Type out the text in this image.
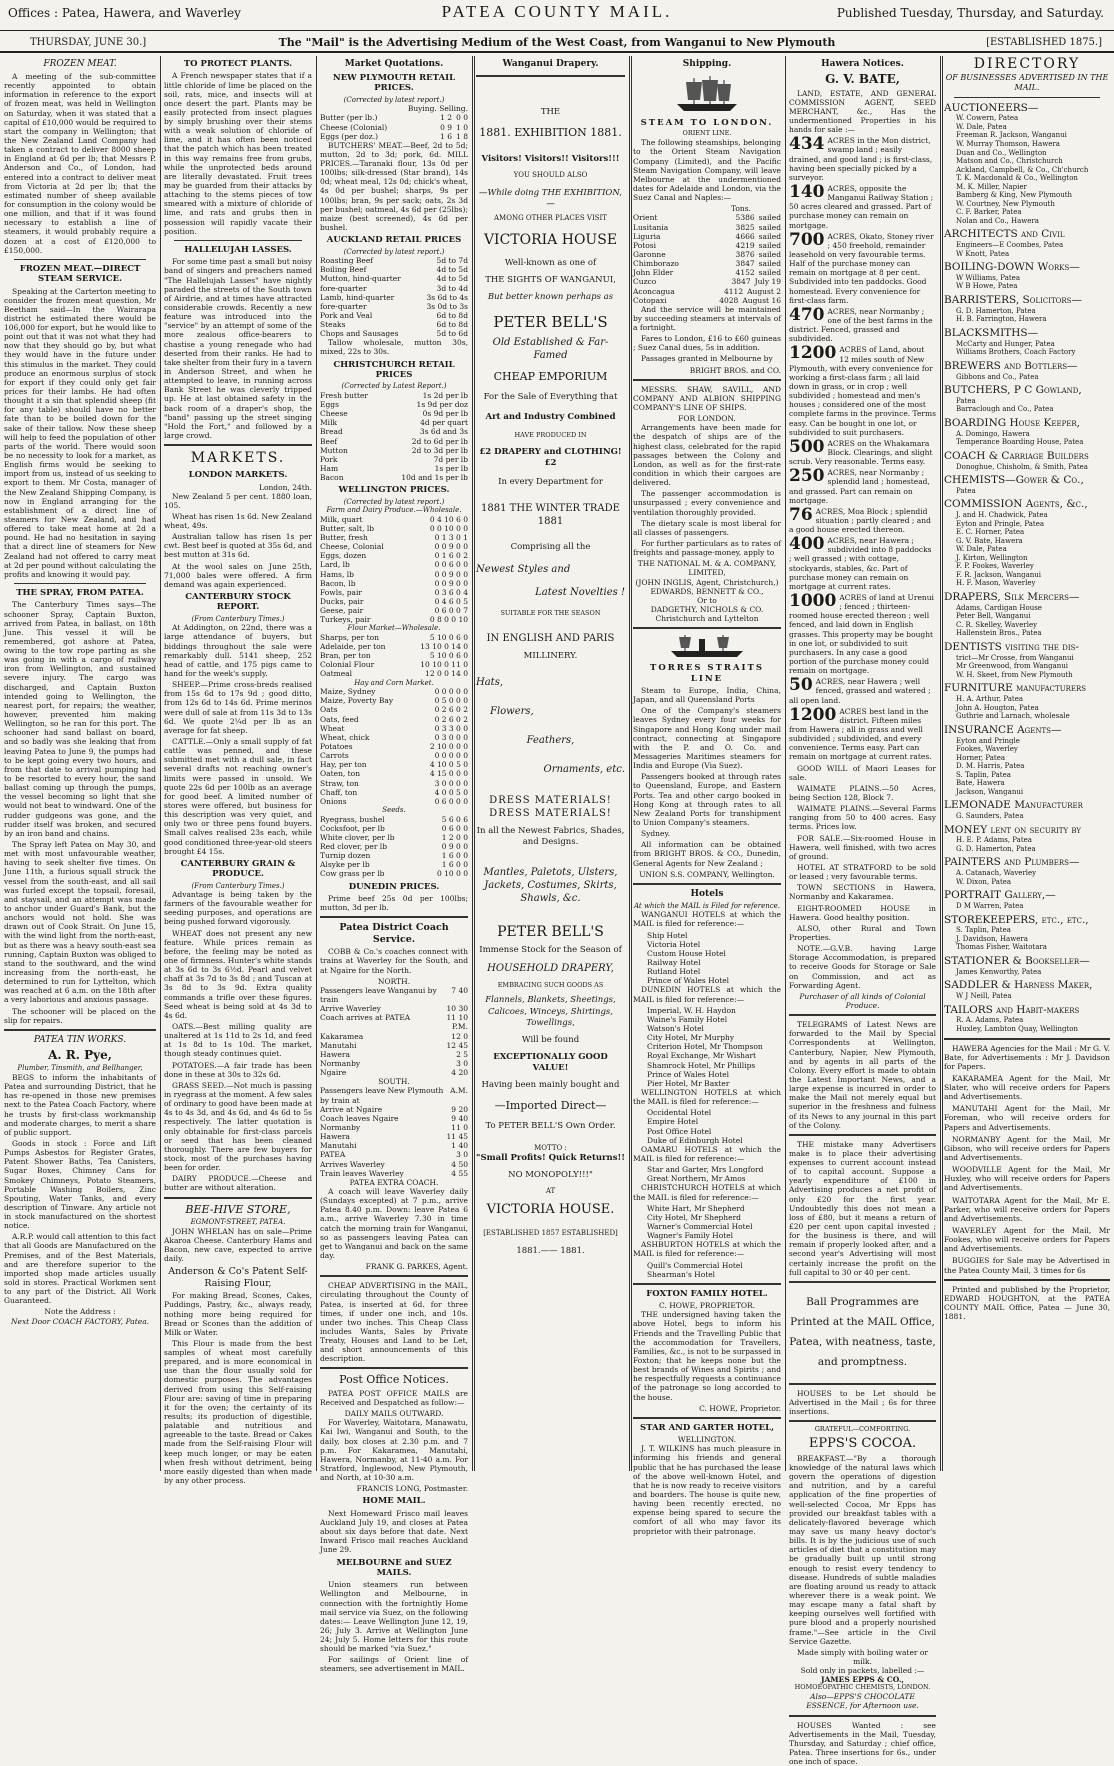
Offices : Patea, Hawera, and Waverley	PATEA COUNTY MAIL.	Published Tuesday, Thursday, and Saturday.
THURSDAY, JUNE 30.]	The "Mail" is the Advertising Medium of the West Coast, from Wanganui to New Plymouth	[ESTABLISHED 1875.]
FROZEN MEAT.
A meeting of the sub-committee recently appointed to obtain information in reference to the export of frozen meat, was held in Wellington on Saturday, when it was stated that a capital of £10,000 would be required to start the company in Wellington; that the New Zealand Land Company had taken a contract to deliver 8000 sheep in England at 6d per lb; that Messrs P. Anderson and Co., of London, had entered into a contract to deliver meat from Victoria at 2d per lb; that the estimated number of sheep available for consumption in the colony would be one million, and that if it was found necessary to establish a line of steamers, it would probably require a dozen at a cost of £120,000 to £150,000.
FROZEN MEAT.—DIRECT STEAM SERVICE.
Speaking at the Carterton meeting to consider the frozen meat question, Mr Beetham said—In the Wairarapa district he estimated there would be 106,000 for export, but he would like to point out that it was not what they had now that they should go by, but what they would have in the future under this stimulus in the market. They could produce an enormous surplus of stock for export if they could only get fair prices for their lambs. He had often thought it a sin that splendid sheep (fit for any table) should have no better fate than to be boiled down for the sake of their tallow. Now these sheep will help to feed the population of other parts of the world. There would soon be no necessity to look for a market, as English firms would be seeking to import from us, instead of us seeking to export to them. Mr Costa, manager of the New Zealand Shipping Company, is now in England arranging for the establishment of a direct line of steamers for New Zealand, and had offered to take meat home at 2d a pound. He had no hesitation in saying that a direct line of steamers for New Zealand had not offered to carry meat at 2d per pound without calculating the profits and knowing it would pay.
THE SPRAY, FROM PATEA.
The Canterbury Times says—The schooner Spray, Captain Buxton, arrived from Patea, in ballast, on 18th June. This vessel it will be remembered, got ashore at Patea, owing to the tow rope parting as she was going in with a cargo of railway iron from Wellington, and sustained severe injury. The cargo was discharged, and Captain Buxton intended going to Wellington, the nearest port, for repairs; the weather, however, prevented him making Wellington, so he ran for this port. The schooner had sand ballast on board, and so badly was she leaking that from leaving Patea to June 9, the pumps had to be kept going every two hours, and from that date to arrival pumping had to be resorted to every hour, the sand ballast coming up through the pumps, the vessel becoming so light that she would not beat to windward. One of the rudder gudgeons was gone, and the rudder itself was broken, and secured by an iron band and chains.
The Spray left Patea on May 30, and met with most unfavourable weather, having to seek shelter five times. On June 11th, a furious squall struck the vessel from the south-east, and all sail was furled except the topsail, foresail, and staysail, and an attempt was made to anchor under Guard's Bank, but the anchors would not hold. She was drawn out of Cook Strait. On June 15, with the wind light from the north-east, but as there was a heavy south-east sea running, Captain Buxton was obliged to stand to the southward, and the wind increasing from the north-east, he determined to run for Lyttelton, which was reached at 6 a.m. on the 18th after a very laborious and anxious passage.
The schooner will be placed on the slip for repairs.
PATEA TIN WORKS.
A. R. Pye,
Plumber, Tinsmith, and Bellhanger,
BEGS to inform the inhabitants of Patea and surrounding District, that he has re-opened in those new premises next to the Patea Coach Factory, where he trusts by first-class workmanship and moderate charges, to merit a share of public support.
Goods in stock : Force and Lift Pumps Asbestos for Register Grates, Patent Shower Baths, Tea Canisters, Sugar Boxes, Chimney Cans for Smokey Chimneys, Potato Steamers, Portable Washing Boilers, Zinc Spouting, Water Tanks, and every description of Tinware. Any article not in stock manufactured on the shortest notice.
A.R.P. would call attention to this fact that all Goods are Manufactured on the Premises, and of the Best Materials, and are therefore superior to the imported shop made articles usually sold in stores. Practical Workmen sent to any part of the District. All Work Guaranteed.
Note the Address :
Next Door COACH FACTORY, Patea.
TO PROTECT PLANTS.
A French newspaper states that if a little chloride of lime be placed on the soil, rats, mice, and insects will at once desert the part. Plants may be easily protected from insect plagues by simply brushing over their stems with a weak solution of chloride of lime, and it has often been noticed that the patch which has been treated in this way remains free from grubs, while the unprotected beds around are literally devastated. Fruit trees may be guarded from their attacks by attaching to the stems pieces of tow smeared with a mixture of chloride of lime, and rats and grubs then in possession will rapidly vacate their position.
HALLELUJAH LASSES.
For some time past a small but noisy band of singers and preachers named "The Hallelujah Lasses" have nightly paraded the streets of the South town of Airdrie, and at times have attracted considerable crowds. Recently a new feature was introduced into the "service" by an attempt of some of the more zealous office-bearers to chastise a young renegade who had deserted from their ranks. He had to take shelter from their fury in a tavern in Anderson Street, and when he attempted to leave, in running across Bank Street he was cleverly tripped up. He at last obtained safety in the back room of a draper's shop, the "band" passing up the street singing "Hold the Fort," and followed by a large crowd.
MARKETS.
LONDON MARKETS.
London, 24th.
New Zealand 5 per cent. 1880 loan, 105.
Wheat has risen 1s 6d. New Zealand wheat, 49s.
Australian tallow has risen 1s per cwt. Best beef is quoted at 35s 6d, and best mutton at 31s 6d.
At the wool sales on June 25th, 71,000 bales were offered. A firm demand was again experienced.
CANTERBURY STOCK REPORT.
(From Canterbury Times.)
At Addington, on 22nd, there was a large attendance of buyers, but biddings throughout the sale were remarkably dull. 5141 sheep, 252 head of cattle, and 175 pigs came to hand for the week's supply.
SHEEP.—Prime cross-breds realised from 15s 6d to 17s 9d ; good ditto, from 12s 6d to 14s 6d. Prime merinos were dull of sale at from 11s 3d to 13s 6d. We quote 2¼d per lb as an average for fat sheep.
CATTLE.—Only a small supply of fat cattle was penned, and these submitted met with a dull sale, in fact several drafts not reaching owner's limits were passed in unsold. We quote 22s 6d per 100lb as an average for good beef. A limited number of stores were offered, but business for this description was very quiet, and only two or three pens found buyers. Small calves realised 23s each, while good conditioned three-year-old steers brought £4 15s.
CANTERBURY GRAIN & PRODUCE.
(From Canterbury Times.)
Advantage is being taken by the farmers of the favourable weather for seeding purposes, and operations are being pushed forward vigorously.
WHEAT does not present any new feature. While prices remain as before, the feeling may be noted as one of firmness. Hunter's white stands at 3s 6d to 3s 6½d. Pearl and velvet chaff at 3s 7d to 3s 8d ; and Tuscan at 3s 8d to 3s 9d. Extra quality commands a trifle over these figures. Seed wheat is being sold at 4s 3d to 4s 6d.
OATS.—Best milling quality are unaltered at 1s 11d to 2s 1d, and feed at 1s 8d to 1s 10d. The market, though steady continues quiet.
POTATOES.—A fair trade has been done in these at 30s to 32s 6d.
GRASS SEED.—Not much is passing in ryegrass at the moment. A few sales of ordinary to good have been made at 4s to 4s 3d, and 4s 6d, and 4s 6d to 5s respectively. The latter quotation is only obtainable for first-class parcels or seed that has been cleaned thoroughly. There are few buyers for stock, most of the purchases having been for order.
DAIRY PRODUCE.—Cheese and butter are without alteration.
BEE-HIVE STORE,
EGMONT-STREET, PATEA.
JOHN WHELAN has on sale—Prime Akaroa Cheese. Canterbury Hams and Bacon, new cave, expected to arrive daily.
Anderson & Co's Patent Self-Raising Flour,
For making Bread, Scones, Cakes, Puddings, Pastry, &c., always ready, nothing more being required for Bread or Scones than the addition of Milk or Water.
This Flour is made from the best samples of wheat most carefully prepared, and is more economical in use than the flour usually sold for domestic purposes. The advantages derived from using this Self-raising Flour are: saving of time in preparing it for the oven; the certainty of its results; its production of digestible, palatable and nutritious and agreeable to the taste. Bread or Cakes made from the Self-raising Flour will keep much longer, or may be eaten when fresh without detriment, being more easily digested than when made by any other process.
Market Quotations.
NEW PLYMOUTH RETAIL PRICES.
(Corrected by latest report.)
Buying. Selling.
Butter (per lb.)	1 2 0 0
Cheese (Colonial)	0 9 1 0
Eggs (per doz.)	1 6 1 8
BUTCHERS' MEAT.—Beef, 2d to 5d; mutton, 2d to 3d; pork, 6d. MILL PRICES.—Taranaki flour, 13s 0d per 100lbs; silk-dressed (Star brand), 14s 0d; wheat meal, 12s 0d; chick's wheat, 4s 0d per bushel; sharps, 9s per 100lbs; bran, 9s per sack; oats, 2s 3d per bushel; oatmeal, 4s 6d per (25lbs); maize (best screened), 4s 6d per bushel.
AUCKLAND RETAIL PRICES
(Corrected by latest report.)
Roasting Beef	5d to 7d
Boiling Beef	4d to 5d
Mutton, hind-quarter	4d to 5d
fore-quarter	3d to 4d
Lamb, hind-quarter	3s 6d to 4s
fore-quarter	3s 0d to 3s
Pork and Veal	6d to 8d
Steaks	6d to 8d
Chops and Sausages	5d to 6d
Tallow wholesale, mutton 30s, mixed, 22s to 30s.
CHRISTCHURCH RETAIL PRICES
(Corrected by Latest Report.)
Fresh butter	1s 2d per lb
Eggs	1s 9d per doz
Cheese	0s 9d per lb
Milk	4d per quart
Bread	3s 6d and 3s
Beef	2d to 6d per lb
Mutton	2d to 3d per lb
Pork	7d per lb
Ham	1s per lb
Bacon	10d and 1s per lb
WELLINGTON PRICES.
(Corrected by latest report.)
Farm and Dairy Produce.—Wholesale.
Milk, quart	0 4 10 6 0
Butter, salt, lb	0 0 10 0 0
Butter, fresh	0 1 3 0 1
Cheese, Colonial	0 0 9 0 0
Eggs, dozen	0 1 6 0 2
Lard, lb	0 0 6 0 0
Hams, lb	0 0 9 0 0
Bacon, lb	0 0 9 0 0
Fowls, pair	0 3 6 0 4
Ducks, pair	0 4 6 0 5
Geese, pair	0 6 0 0 7
Turkeys, pair	0 8 0 0 10
Flour Market—Wholesale.
Sharps, per ton	5 10 0 6 0
Adelaide, per ton	13 10 0 14 0
Bran, per ton	5 10 0 6 0
Colonial Flour	10 10 0 11 0
Oatmeal	12 0 0 14 0
Hay and Corn Market.
Maize, Sydney	0 0 0 0 0
Maize, Poverty Bay	0 5 0 0 0
Oats	0 2 6 0 2
Oats, feed	0 2 6 0 2
Wheat	0 3 3 0 0
Wheat, chick	0 3 0 0 0
Potatoes	2 10 0 0 0
Carrots	0 0 0 0 0
Hay, per ton	4 10 0 5 0
Oaten, ton	4 15 0 0 0
Straw, ton	3 0 0 0 0
Chaff, ton	4 0 0 5 0
Onions	0 6 0 0 0
Seeds.
Ryegrass, bushel	5 6 0 6
Cocksfoot, per lb	0 6 0 0
White clover, per lb	1 2 0 0
Red clover, per lb	0 9 0 0
Turnip dozen	1 6 0 0
Alsyke per lb	1 6 0 0
Cow grass per lb	0 10 0 0
DUNEDIN PRICES.
Prime beef 25s 0d per 100lbs; mutton, 3d per lb.
Patea District Coach Service.
COBB & Co.'s coaches connect with trains at Waverley for the South, and at Ngaire for the North.
NORTH.
Passengers leave Wanganui by train
7 40
Arrive Waverley	10 30
Coach arrives at PATEA	11 10
P.M.
Kakaramea	12 0
Manutahi	12 45
Hawera	2 5
Normanby	3 0
Ngaire	4 20
SOUTH.
Passengers leave New Plymouth by train at
A.M.
Arrive at Ngaire	9 20
Coach leaves Ngaire	9 40
Normanby	11 0
Hawera	11 45
Manutahi	1 40
PATEA	3 0
Arrives Waverley	4 50
Train leaves Waverley	4 55
PATEA EXTRA COACH.
A coach will leave Waverley daily (Sundays excepted) at 7 p.m., arrive Patea 8.40 p.m. Down: leave Patea 6 a.m., arrive Waverley 7.30 in time catch the morning train for Wanganui, so as passengers leaving Patea can get to Wanganui and back on the same day.
FRANK G. PARKES, Agent.
CHEAP ADVERTISING in the MAIL, circulating throughout the County of Patea, is inserted at 6d. for three times, if under one inch, and 10s. under two inches. This Cheap Class includes Wants, Sales by Private Treaty, Houses and Land to be Let, and short announcements of this description.
Post Office Notices.
PATEA POST OFFICE MAILS are Received and Despatched as follow:—
DAILY MAILS OUTWARD.
For Waverley, Waitotara, Manawatu, Kai Iwi, Wanganui and South, to the daily, box closes at 2.30 p.m. and 7 p.m. For Kakaramea, Manutahi, Hawera, Normanby, at 11-40 a.m. For Stratford, Inglewood, New Plymouth, and North, at 10-30 a.m.
FRANCIS LONG, Postmaster.
HOME MAIL.
Next Homeward Frisco mail leaves Auckland July 19, and closes at Patea about six days before that date. Next Inward Frisco mail reaches Auckland June 29.
MELBOURNE and SUEZ MAILS.
Union steamers run between Wellington and Melbourne, in connection with the fortnightly Home mail service via Suez, on the following dates:— Leave Wellington June 12, 19, 26; July 3. Arrive at Wellington June 24; July 5. Home letters for this route should be marked "via Suez."
For sailings of Orient line of steamers, see advertisement in MAIL.
Wanganui Drapery.
THE
1881. EXHIBITION 1881.
Visitors! Visitors!! Visitors!!!
YOU SHOULD ALSO
—While doing THE EXHIBITION,—
AMONG OTHER PLACES VISIT
VICTORIA HOUSE
Well-known as one of
THE SIGHTS OF WANGANUI,
But better known perhaps as
PETER BELL'S
Old Established & Far-Famed
CHEAP EMPORIUM
For the Sale of Everything that
Art and Industry Combined
HAVE PRODUCED IN
£2 DRAPERY and CLOTHING! £2
In every Department for
1881 THE WINTER TRADE 1881
Comprising all the
Newest Styles and
Latest Novelties !
SUITABLE FOR THE SEASON
IN ENGLISH AND PARIS
MILLINERY.
Hats,
Flowers,
Feathers,
Ornaments, etc.
DRESS MATERIALS! DRESS MATERIALS!
In all the Newest Fabrics, Shades, and Designs.
Mantles, Paletots, Ulsters, Jackets, Costumes, Skirts, Shawls, &c.
PETER BELL'S
Immense Stock for the Season of
HOUSEHOLD DRAPERY,
EMBRACING SUCH GOODS AS
Flannels, Blankets, Sheetings, Calicoes, Winceys, Shirtings, Towellings,
Will be found
EXCEPTIONALLY GOOD VALUE!
Having been mainly bought and
—Imported Direct—
To PETER BELL'S Own Order.
MOTTO :
"Small Profits! Quick Returns!!
NO MONOPOLY!!!"
AT
VICTORIA HOUSE.
[ESTABLISHED 1857 ESTABLISHED]
1881.—— 1881.
Shipping.
STEAM TO LONDON.
ORIENT LINE.
The following steamships, belonging to the Orient Steam Navigation Company (Limited), and the Pacific Steam Navigation Company, will leave Melbourne at the undermentioned dates for Adelaide and London, via the Suez Canal and Naples:—
Tons.
Orient	5386 sailed
Lusitania	3825 sailed
Liguria	4666 sailed
Potosi	4219 sailed
Garonne	3876 sailed
Chimborazo	3847 sailed
John Elder	4152 sailed
Cuzco	3847 July 19
Aconcagua	4112 August 2
Cotopaxi	4028 August 16
And the service will be maintained by succeeding steamers at intervals of a fortnight.
Fares to London, £16 to £60 guineas ; Suez Canal dues, 5s in addition.
Passages granted in Melbourne by
BRIGHT BROS. and CO.
MESSRS. SHAW, SAVILL, AND COMPANY AND ALBION SHIPPING COMPANY'S LINE OF SHIPS.
FOR LONDON.
Arrangements have been made for the despatch of ships are of the highest class, celebrated for the rapid passages between the Colony and London, as well as for the first-rate condition in which their cargoes are delivered.
The passenger accommodation is unsurpassed ; every convenience and ventilation thoroughly provided.
The dietary scale is most liberal for all classes of passengers.
For further particulars as to rates of freights and passage-money, apply to
THE NATIONAL M. & A. COMPANY, LIMITED,
(JOHN INGLIS, Agent, Christchurch,)
EDWARDS, BENNETT & CO.,
Or to
DADGETHY, NICHOLS & CO.
Christchurch and Lyttelton
TORRES STRAITS LINE
Steam to Europe, India, China, Japan, and all Queensland Ports
One of the Company's steamers leaves Sydney every four weeks for Singapore and Hong Kong under mail contract, connecting at Singapore with the P. and O. Co. and Messageries Maritimes steamers for India and Europe (Via Suez).
Passengers booked at through rates to Queensland, Europe, and Eastern Ports. Tea and other cargo booked in Hong Kong at through rates to all New Zealand Ports for transhipment to Union Company's steamers.
Sydney.
All information can be obtained from BRIGHT BROS. & CO., Dunedin, General Agents for New Zealand ;
UNION S.S. COMPANY, Wellington.
Hotels
At which the MAIL is Filed for reference.
WANGANUI HOTELS at which the MAIL is filed for reference:—
Ship Hotel
Victoria Hotel
Custom House Hotel
Railway Hotel
Rutland Hotel
Prince of Wales Hotel
DUNEDIN HOTELS at which the MAIL is filed for reference:—
Imperial, W. H. Haydon
Waine's Family Hotel
Watson's Hotel
City Hotel, Mr Murphy
Criterion Hotel, Mr Thompson
Royal Exchange, Mr Wishart
Shamrock Hotel, Mr Phillips
Prince of Wales Hotel
Pier Hotel, Mr Baxter
WELLINGTON HOTELS at which the MAIL is filed for reference:—
Occidental Hotel
Empire Hotel
Post Office Hotel
Duke of Edinburgh Hotel
OAMARU HOTELS at which the MAIL is filed for reference:—
Star and Garter, Mrs Longford
Great Northern, Mr Amos
CHRISTCHURCH HOTELS at which the MAIL is filed for reference:—
White Hart, Mr Shepherd
City Hotel, Mr Shepherd
Warner's Commercial Hotel
Wagner's Family Hotel
ASHBURTON HOTELS at which the MAIL is filed for reference:—
Quill's Commercial Hotel
Shearman's Hotel
FOXTON FAMILY HOTEL.
C. HOWE, PROPRIETOR.
THE undersigned having taken the above Hotel, begs to inform his Friends and the Travelling Public that the accommodation for Travellers, Families, &c., is not to be surpassed in Foxton; that he keeps none but the best brands of Wines and Spirits ; and he respectfully requests a continuance of the patronage so long accorded to the house.
C. HOWE, Proprietor.
STAR AND GARTER HOTEL,
WELLINGTON.
J. T. WILKINS has much pleasure in informing his friends and general public that he has purchased the lease of the above well-known Hotel, and that he is now ready to receive visitors and boarders. The house is quite new, having been recently erected, no expense being spared to secure the comfort of all who may favor its proprietor with their patronage.
Hawera Notices.
G. V. BATE,
LAND, ESTATE, AND GENERAL COMMISSION AGENT, SEED MERCHANT, &c., Has the undermentioned Properties in his hands for sale :—
434 ACRES in the Mon district, swamp land ; easily drained, and good land ; is first-class, having been specially picked by a surveyor.
140 ACRES, opposite the Manganui Railway Station ; 50 acres cleared and grassed. Part of purchase money can remain on mortgage.
700 ACRES, Okato, Stoney river ; 450 freehold, remainder leasehold on very favourable terms. Half of the purchase money can remain on mortgage at 8 per cent. Subdivided into ten paddocks. Good homestead. Every convenience for first-class farm.
470 ACRES, near Normanby ; one of the best farms in the district. Fenced, grassed and subdivided.
1200 ACRES of Land, about 12 miles south of New Plymouth, with every convenience for working a first-class farm ; all laid down in grass, or in crop ; well subdivided ; homestead and men's houses ; considered one of the most complete farms in the province. Terms easy. Can be bought in one lot, or subdivided to suit purchasers.
500 ACRES on the Whakamara Block. Clearings, and slight scrub. Very reasonable. Terms easy.
250 ACRES, near Normanby ; splendid land ; homestead, and grassed. Part can remain on mortgage.
76 ACRES, Moa Block ; splendid situation ; partly cleared ; and a good house erected thereon.
400 ACRES, near Hawera ; subdivided into 8 paddocks ; well grassed ; with cottage, stockyards, stables, &c. Part of purchase money can remain on mortgage at current rates.
1000 ACRES of land at Urenui ; fenced ; thirteen-roomed house erected thereon ; well fenced, and laid down in English grasses. This property may be bought in one lot, or subdivided to suit purchasers. In any case a good portion of the purchase money could remain on mortgage.
50 ACRES, near Hawera ; well fenced, grassed and watered ; all open land.
1200 ACRES best land in the district. Fifteen miles from Hawera ; all in grass and well subdivided ; subdivided, and every convenience. Terms easy. Part can remain on mortgage at current rates.
GOOD WILL of Maori Leases for sale.
WAIMATE PLAINS.—50 Acres, being Section 128, Block 7.
WAIMATE PLAINS.—Several Farms ranging from 50 to 400 acres. Easy terms. Prices low.
FOR SALE.—Six-roomed House in Hawera, well finished, with two acres of ground.
HOTEL AT STRATFORD to be sold or leased ; very favourable terms.
TOWN SECTIONS in Hawera, Normanby and Kakaramea.
EIGHT-ROOMED HOUSE in Hawera. Good healthy position.
ALSO, other Rural and Town Properties.
NOTE.—G.V.B. having Large Storage Accommodation, is prepared to receive Goods for Storage or Sale on Commission, and act as Forwarding Agent.
Purchaser of all kinds of Colonial Produce.
TELEGRAMS of Latest News are forwarded to the Mail by Special Correspondents at Wellington, Canterbury, Napier, New Plymouth, and by agents in all parts of the Colony. Every effort is made to obtain the Latest Important News, and a large expense is incurred in order to make the Mail not merely equal but superior in the freshness and fulness of its News to any journal in this part of the Colony.
THE mistake many Advertisers make is to place their advertising expenses to current account instead of to capital account. Suppose a yearly expenditure of £100 in Advertising produces a net profit of only £20 for the first year. Undoubtedly this does not mean a loss of £80, but it means a return of £20 per cent upon capital invested ; for the business is there, and will remain if properly looked after, and a second year's Advertising will most certainly increase the profit on the full capital to 30 or 40 per cent.
Ball Programmes are Printed at the MAIL Office, Patea, with neatness, taste, and promptness.
HOUSES to be Let should be Advertised in the Mail ; 6s for three insertions.
GRATEFUL—COMFORTING.
EPPS'S COCOA.
BREAKFAST.—"By a thorough knowledge of the natural laws which govern the operations of digestion and nutrition, and by a careful application of the fine properties of well-selected Cocoa, Mr Epps has provided our breakfast tables with a delicately-flavored beverage which may save us many heavy doctor's bills. It is by the judicious use of such articles of diet that a constitution may be gradually built up until strong enough to resist every tendency to disease. Hundreds of subtle maladies are floating around us ready to attack wherever there is a weak point. We may escape many a fatal shaft by keeping ourselves well fortified with pure blood and a properly nourished frame."—See article in the Civil Service Gazette.
Made simply with boiling water or milk.
Sold only in packets, labelled :—
JAMES EPPS & CO.,
HOMOEOPATHIC CHEMISTS, LONDON.
Also—EPPS'S CHOCOLATE ESSENCE, for Afternoon use.
HOUSES Wanted : see Advertisements in the Mail, Tuesday, Thursday, and Saturday ; chief office, Patea. Three insertions for 6s., under one inch of space.
DIRECTORY
OF BUSINESSES ADVERTISED IN THE MAIL.
AUCTIONEERS—
W. Cowern, Patea
W. Dale, Patea
Freeman R. Jackson, Wanganui
W. Murray Thomson, Hawera
Duan and Co., Wellington
Matson and Co., Christchurch
Ackland, Campbell, & Co., Ch'church
T. K. Macdonald & Co., Wellington
M. K. Miller, Napier
Bamberg & King, New Plymouth
W. Courtney, New Plymouth
C. F. Barker, Patea
Nolan and Co., Hawera
ARCHITECTS and Civil
Engineers—E Coombes, Patea
W Knott, Patea
BOILING-DOWN Works—
W Williams, Patea
W B Howe, Patea
BARRISTERS, Solicitors—
G. D. Hamerton, Patea
H. B. Farrington, Hawera
BLACKSMITHS—
McCarty and Hunger, Patea
Williams Brothers, Coach Factory
BREWERS and Bottlers—
Gibbons and Co., Patea
BUTCHERS, P C Gowland,
Patea
Barraclough and Co., Patea
BOARDING House Keeper,
A. Domingo, Hawera
Temperance Boarding House, Patea
COACH & Carriage Builders
Donoghue, Chisholm, & Smith, Patea
CHEMISTS—Gower & Co.,
Patea
COMMISSION Agents, &c.,
J. and H. Chadwick, Patea
Eyton and Pringle, Patea
E. C. Horner, Patea
G. V. Bate, Hawera
W. Dale, Patea
J. Kirton, Wellington
F. P. Fookes, Waverley
F. R. Jackson, Wanganui
H. F. Mason, Waverley
DRAPERS, Silk Mercers—
Adams, Cardigan House
Peter Bell, Wanganui
C. R. Skelley, Waverley
Hallenstein Bros., Patea
DENTISTS visiting the dis-
trict—Mr Crosse, from Wanganui
Mr Greenwood, from Wanganui
W. H. Skeet, from New Plymouth
FURNITURE manufacturers
H. A. Arthur, Patea
John A. Hougton, Patea
Guthrie and Larnach, wholesale
INSURANCE Agents—
Eyton and Pringle
Fookes, Waverley
Horner, Patea
D. M. Harris, Patea
S. Taplin, Patea
Bate, Hawera
Jackson, Wanganui
LEMONADE Manufacturer
G. Saunders, Patea
MONEY lent on security by
H. E. P. Adams, Patea
G. D. Hamerton, Patea
PAINTERS and Plumbers—
A. Catanach, Waverley
W. Dixon, Patea
PORTRAIT Gallery,—
D M Warren, Patea
STOREKEEPERS, etc., etc.,
S. Taplin, Patea
J. Davidson, Hawera
Thomas Fisher, Waitotara
STATIONER & Bookseller—
James Kenworthy, Patea
SADDLER & Harness Maker,
W J Neill, Patea
TAILORS and Habit-makers
R. A. Adams, Patea
Huxley, Lambton Quay, Wellington
HAWERA Agencies for the Mail : Mr G. V. Bate, for Advertisements : Mr J. Davidson for Papers.
KAKARAMEA Agent for the Mail, Mr Slater, who will receive orders for Papers and Advertisements.
MANUTAHI Agent for the Mail, Mr Foreman, who will receive orders for Papers and Advertisements.
NORMANBY Agent for the Mail, Mr Gibson, who will receive orders for Papers and Advertisements.
WOODVILLE Agent for the Mail, Mr Huxley, who will receive orders for Papers and Advertisements.
WAITOTARA Agent for the Mail, Mr E. Parker, who will receive orders for Papers and Advertisements.
WAVERLEY Agent for the Mail, Mr Fookes, who will receive orders for Papers and Advertisements.
BUGGIES for Sale may be Advertised in the Patea County Mail, 3 times for 6s
Printed and published by the Proprietor, EDWARD HOUGHTON, at the PATEA COUNTY MAIL Office, Patea — June 30, 1881.
